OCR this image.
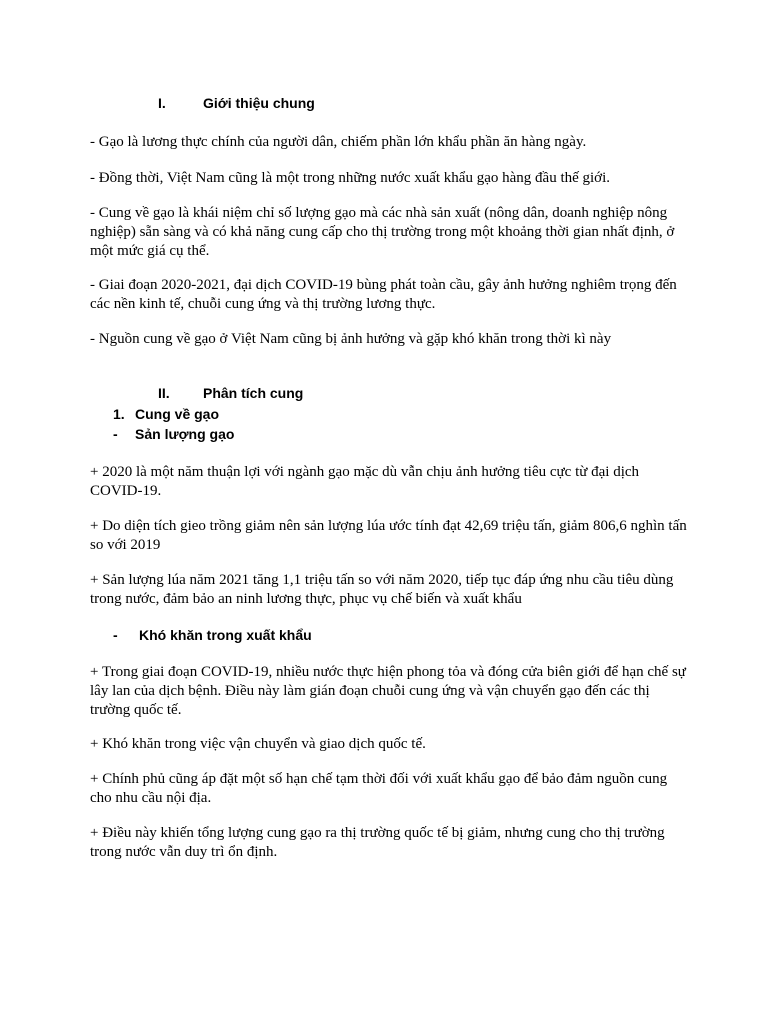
I.	Giới thiệu chung

- Gạo là lương thực chính của người dân, chiếm phần lớn khẩu phần ăn hàng ngày.

- Đồng thời, Việt Nam cũng là một trong những nước xuất khẩu gạo hàng đầu thế giới.

- Cung về gạo là khái niệm chỉ số lượng gạo mà các nhà sản xuất (nông dân, doanh nghiệp nông nghiệp) sẵn sàng và có khả năng cung cấp cho thị trường trong một khoảng thời gian nhất định, ở một mức giá cụ thể.

- Giai đoạn 2020-2021, đại dịch COVID-19 bùng phát toàn cầu, gây ảnh hưởng nghiêm trọng đến các nền kinh tế, chuỗi cung ứng và thị trường lương thực.

- Nguồn cung về gạo ở Việt Nam cũng bị ảnh hưởng và gặp khó khăn trong thời kì này

II. Phân tích cung
1. Cung về gạo
- Sản lượng gạo

+ 2020 là một năm thuận lợi với ngành gạo mặc dù vẫn chịu ảnh hưởng tiêu cực từ đại dịch COVID-19.

+ Do diện tích gieo trồng giảm nên sản lượng lúa ước tính đạt 42,69 triệu tấn, giảm 806,6 nghìn tấn so với 2019

+ Sản lượng lúa năm 2021 tăng 1,1 triệu tấn so với năm 2020, tiếp tục đáp ứng nhu cầu tiêu dùng trong nước, đảm bảo an ninh lương thực, phục vụ chế biến và xuất khẩu

- Khó khăn trong xuất khẩu

+ Trong giai đoạn COVID-19, nhiều nước thực hiện phong tỏa và đóng cửa biên giới để hạn chế sự lây lan của dịch bệnh. Điều này làm gián đoạn chuỗi cung ứng và vận chuyển gạo đến các thị trường quốc tế.

+ Khó khăn trong việc vận chuyển và giao dịch quốc tế.

+ Chính phủ cũng áp đặt một số hạn chế tạm thời đối với xuất khẩu gạo để bảo đảm nguồn cung cho nhu cầu nội địa.

+ Điều này khiến tổng lượng cung gạo ra thị trường quốc tế bị giảm, nhưng cung cho thị trường trong nước vẫn duy trì ổn định.
